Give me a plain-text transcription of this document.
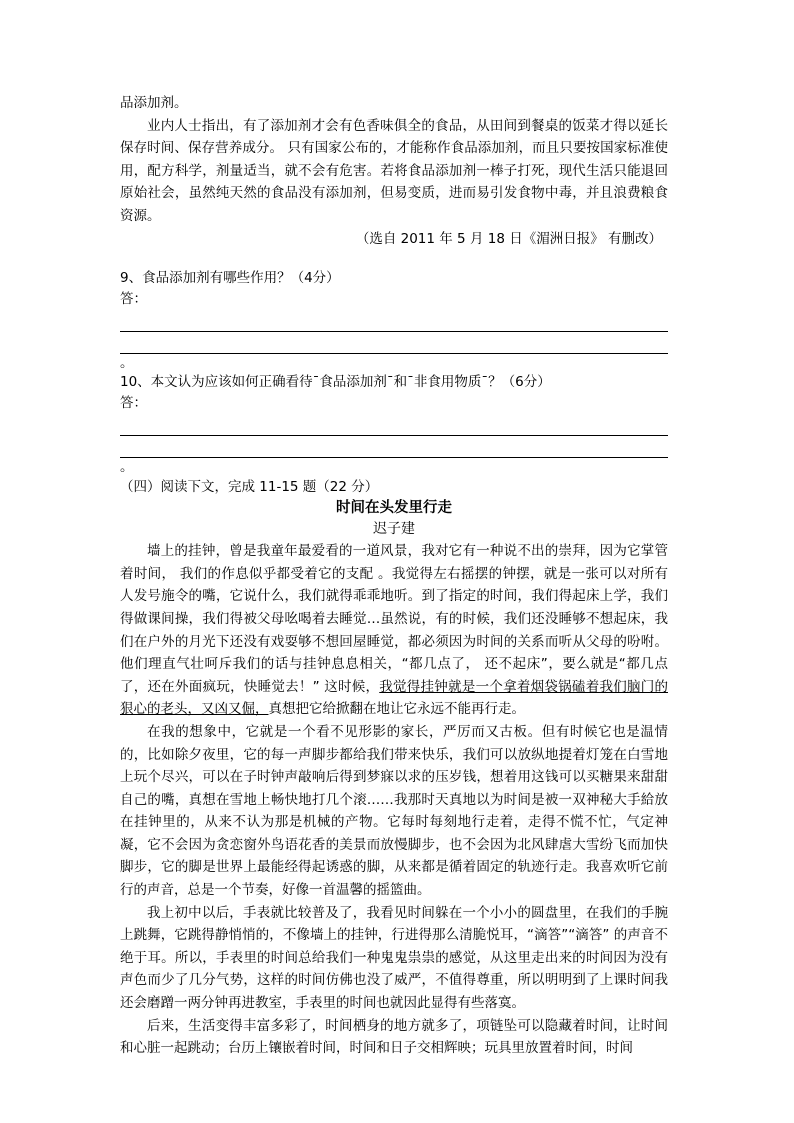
品添加剂。

业内人士指出，有了添加剂才会有色香味俱全的食品，从田间到餐桌的饭菜才得以延长保存时间、保存营养成分。 只有国家公布的，才能称作食品添加剂，而且只要按国家标准使用，配方科学，剂量适当，就不会有危害。若将食品添加剂一棒子打死，现代生活只能退回原始社会，虽然纯天然的食品没有添加剂，但易变质，进而易引发食物中毒，并且浪费粮食资源。

（选自 2011 年 5 月 18 日《湄洲日报》 有删改）

9、食品添加剂有哪些作用？（4分）

答：

。

10、本文认为应该如何正确看待ˉ食品添加剂ˉ和ˉ非食用物质ˉ？（6分）

答：

。

（四）阅读下文，完成 11-15 题（22 分）

时间在头发里行走

迟子建

墙上的挂钟，曾是我童年最爱看的一道风景，我对它有一种说不出的崇拜，因为它掌管着时间， 我们的作息似乎都受着它的支配 。我觉得左右摇摆的钟摆，就是一张可以对所有人发号施令的嘴，它说什么，我们就得乖乖地听。到了指定的时间，我们得起床上学，我们得做课间操，我们得被父母吆喝着去睡觉…虽然说，有的时候，我们还没睡够不想起床，我们在户外的月光下还没有戏耍够不想回屋睡觉，都必须因为时间的关系而听从父母的吩咐。他们理直气壮呵斥我们的话与挂钟息息相关，“都几点了， 还不起床”，要么就是“都几点了，还在外面疯玩，快睡觉去！” 这时候，我觉得挂钟就是一个拿着烟袋锅磕着我们脑门的狠心的老头，又凶又倔，真想把它给掀翻在地让它永远不能再行走。

在我的想象中，它就是一个看不见形影的家长，严厉而又古板。但有时候它也是温情的，比如除夕夜里，它的每一声脚步都给我们带来快乐，我们可以放纵地提着灯笼在白雪地上玩个尽兴，可以在子时钟声敲响后得到梦寐以求的压岁钱，想着用这钱可以买糖果来甜甜自己的嘴，真想在雪地上畅快地打几个滚……我那时天真地以为时间是被一双神秘大手給放在挂钟里的，从来不认为那是机械的产物。它每时每刻地行走着，走得不慌不忙，气定神凝，它不会因为贪恋窗外鸟语花香的美景而放慢脚步，也不会因为北风肆虐大雪纷飞而加快脚步，它的脚是世界上最能经得起诱惑的脚，从来都是循着固定的轨迹行走。我喜欢听它前行的声音，总是一个节奏，好像一首温馨的摇篮曲。

我上初中以后，手表就比较普及了，我看见时间躲在一个小小的圆盘里，在我们的手腕上跳舞，它跳得静悄悄的，不像墙上的挂钟，行进得那么清脆悦耳，“滴答”“滴答” 的声音不绝于耳。所以，手表里的时间总给我们一种鬼鬼祟祟的感觉，从这里走出来的时间因为没有声色而少了几分气势，这样的时间仿佛也没了威严，不值得尊重，所以明明到了上课时间我还会磨蹭一两分钟再进教室，手表里的时间也就因此显得有些落寞。

后来，生活变得丰富多彩了，时间栖身的地方就多了，项链坠可以隐藏着时间，让时间和心脏一起跳动；台历上镶嵌着时间，时间和日子交相辉映；玩具里放置着时间，时间
